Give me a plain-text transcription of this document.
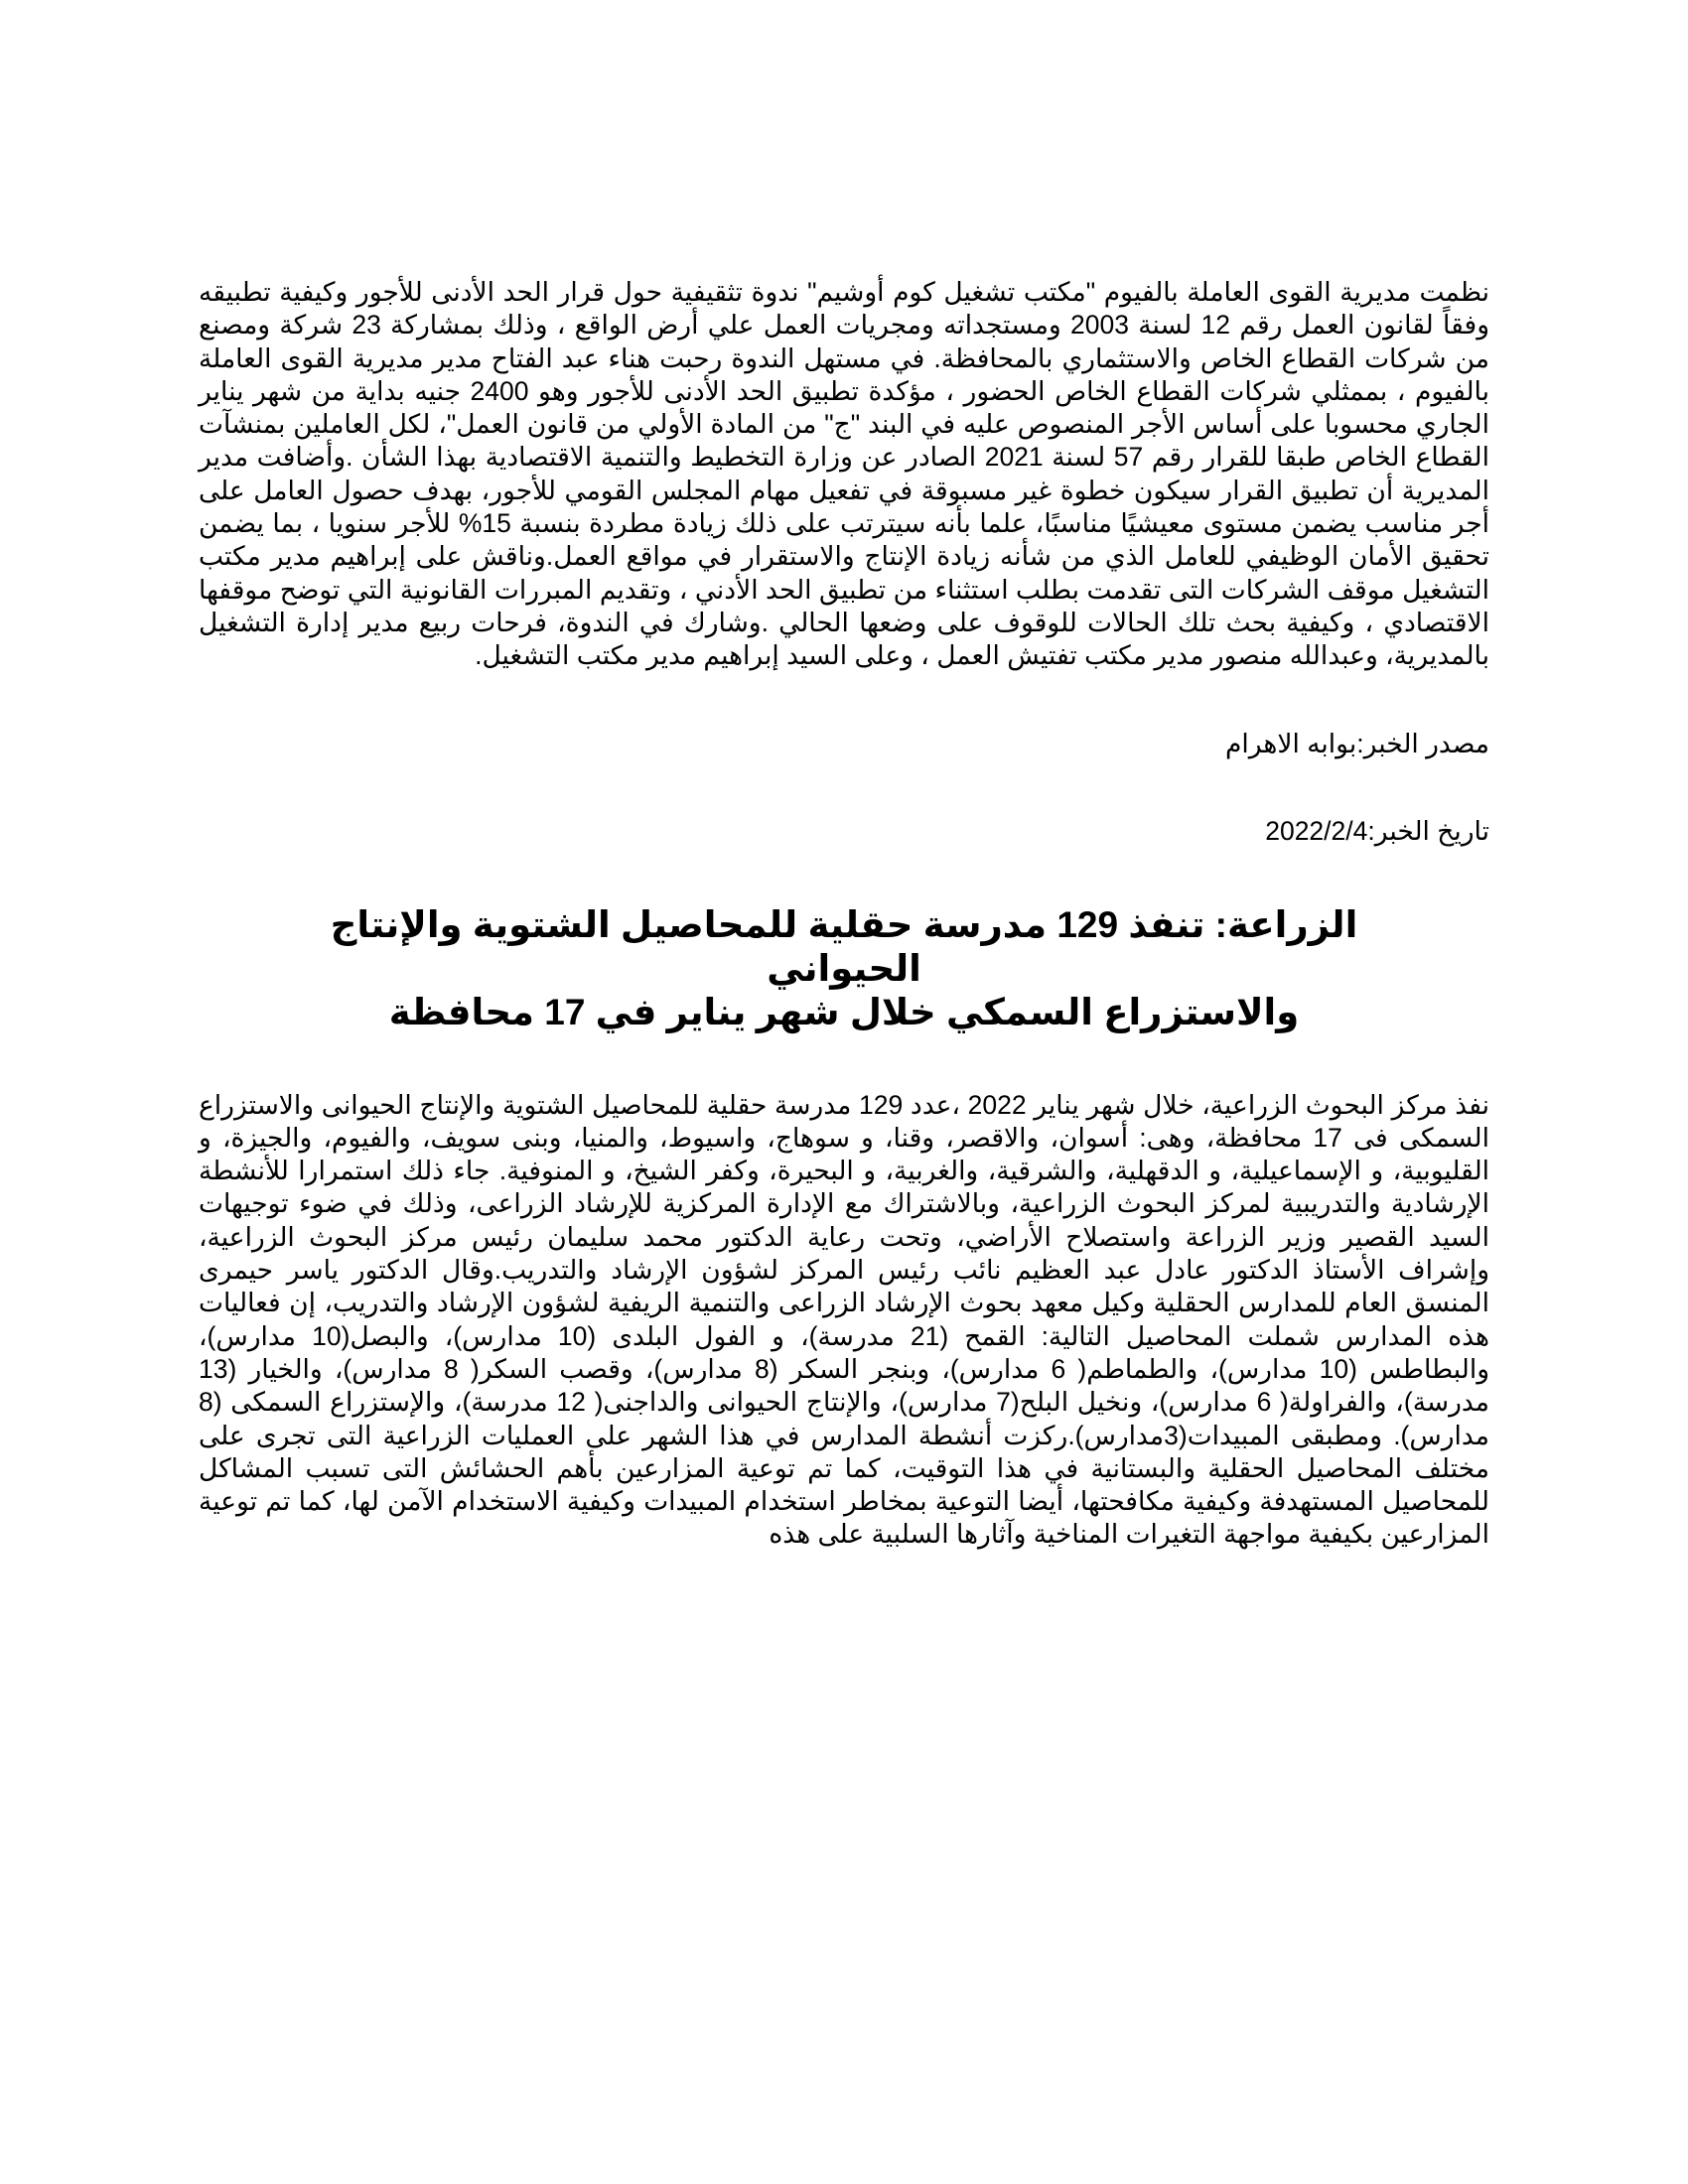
نظمت مديرية القوى العاملة بالفيوم "مكتب تشغيل كوم أوشيم" ندوة تثقيفية حول قرار الحد الأدنى للأجور وكيفية تطبيقه وفقاً لقانون العمل رقم 12 لسنة 2003 ومستجداته ومجريات العمل علي أرض الواقع ، وذلك بمشاركة 23 شركة ومصنع من شركات القطاع الخاص والاستثماري بالمحافظة. في مستهل الندوة رحبت هناء عبد الفتاح مدير مديرية القوى العاملة بالفيوم ، بممثلي شركات القطاع الخاص الحضور ، مؤكدة تطبيق الحد الأدنى للأجور وهو 2400 جنيه بداية من شهر يناير الجاري محسوبا على أساس الأجر المنصوص عليه في البند "ج" من المادة الأولي من قانون العمل"، لكل العاملين بمنشآت القطاع الخاص طبقا للقرار رقم 57 لسنة 2021 الصادر عن وزارة التخطيط والتنمية الاقتصادية بهذا الشأن .وأضافت مدير المديرية أن تطبيق القرار سيكون خطوة غير مسبوقة في تفعيل مهام المجلس القومي للأجور، بهدف حصول العامل على أجر مناسب يضمن مستوى معيشيًا مناسبًا، علما بأنه سيترتب على ذلك زيادة مطردة بنسبة 15% للأجر سنويا ، بما يضمن تحقيق الأمان الوظيفي للعامل الذي من شأنه زيادة الإنتاج والاستقرار في مواقع العمل.وناقش على إبراهيم مدير مكتب التشغيل موقف الشركات التى تقدمت بطلب استثناء من تطبيق الحد الأدني ، وتقديم المبررات القانونية التي توضح موقفها الاقتصادي ، وكيفية بحث تلك الحالات للوقوف على وضعها الحالي .وشارك في الندوة، فرحات ربيع مدير إدارة التشغيل بالمديرية، وعبدالله منصور مدير مكتب تفتيش العمل ، وعلى السيد إبراهيم مدير مكتب التشغيل.

مصدر الخبر:بوابه الاهرام

تاريخ الخبر:2022/2/4

الزراعة: تنفذ 129 مدرسة حقلية للمحاصيل الشتوية والإنتاج الحيواني
والاستزراع السمكي خلال شهر يناير في 17 محافظة

نفذ مركز البحوث الزراعية، خلال شهر يناير 2022 ،عدد 129 مدرسة حقلية للمحاصيل الشتوية والإنتاج الحيوانى والاستزراع السمكى فى 17 محافظة، وهى: أسوان، والاقصر، وقنا، و سوهاج، واسيوط، والمنيا، وبنى سويف، والفيوم، والجيزة، و القليوبية، و الإسماعيلية، و الدقهلية، والشرقية، والغربية، و البحيرة، وكفر الشيخ، و المنوفية. جاء ذلك استمرارا للأنشطة الإرشادية والتدريبية لمركز البحوث الزراعية، وبالاشتراك مع الإدارة المركزية للإرشاد الزراعى، وذلك في ضوء توجيهات السيد القصير وزير الزراعة واستصلاح الأراضي، وتحت رعاية الدكتور محمد سليمان رئيس مركز البحوث الزراعية، وإشراف الأستاذ الدكتور عادل عبد العظيم نائب رئيس المركز لشؤون الإرشاد والتدريب.وقال الدكتور ياسر حيمرى المنسق العام للمدارس الحقلية وكيل معهد بحوث الإرشاد الزراعى والتنمية الريفية لشؤون الإرشاد والتدريب، إن فعاليات هذه المدارس شملت المحاصيل التالية: القمح (21 مدرسة)، و الفول البلدى (10 مدارس)، والبصل(10 مدارس)، والبطاطس (10 مدارس)، والطماطم( 6 مدارس)، وبنجر السكر (8 مدارس)، وقصب السكر( 8 مدارس)، والخيار (13 مدرسة)، والفراولة( 6 مدارس)، ونخيل البلح(7 مدارس)، والإنتاج الحيوانى والداجنى( 12 مدرسة)، والإستزراع السمكى (8 مدارس). ومطبقى المبيدات(3مدارس).ركزت أنشطة المدارس في هذا الشهر على العمليات الزراعية التى تجرى على مختلف المحاصيل الحقلية والبستانية في هذا التوقيت، كما تم توعية المزارعين بأهم الحشائش التى تسبب المشاكل للمحاصيل المستهدفة وكيفية مكافحتها، أيضا التوعية بمخاطر استخدام المبيدات وكيفية الاستخدام الآمن لها، كما تم توعية المزارعين بكيفية مواجهة التغيرات المناخية وآثارها السلبية على هذه
